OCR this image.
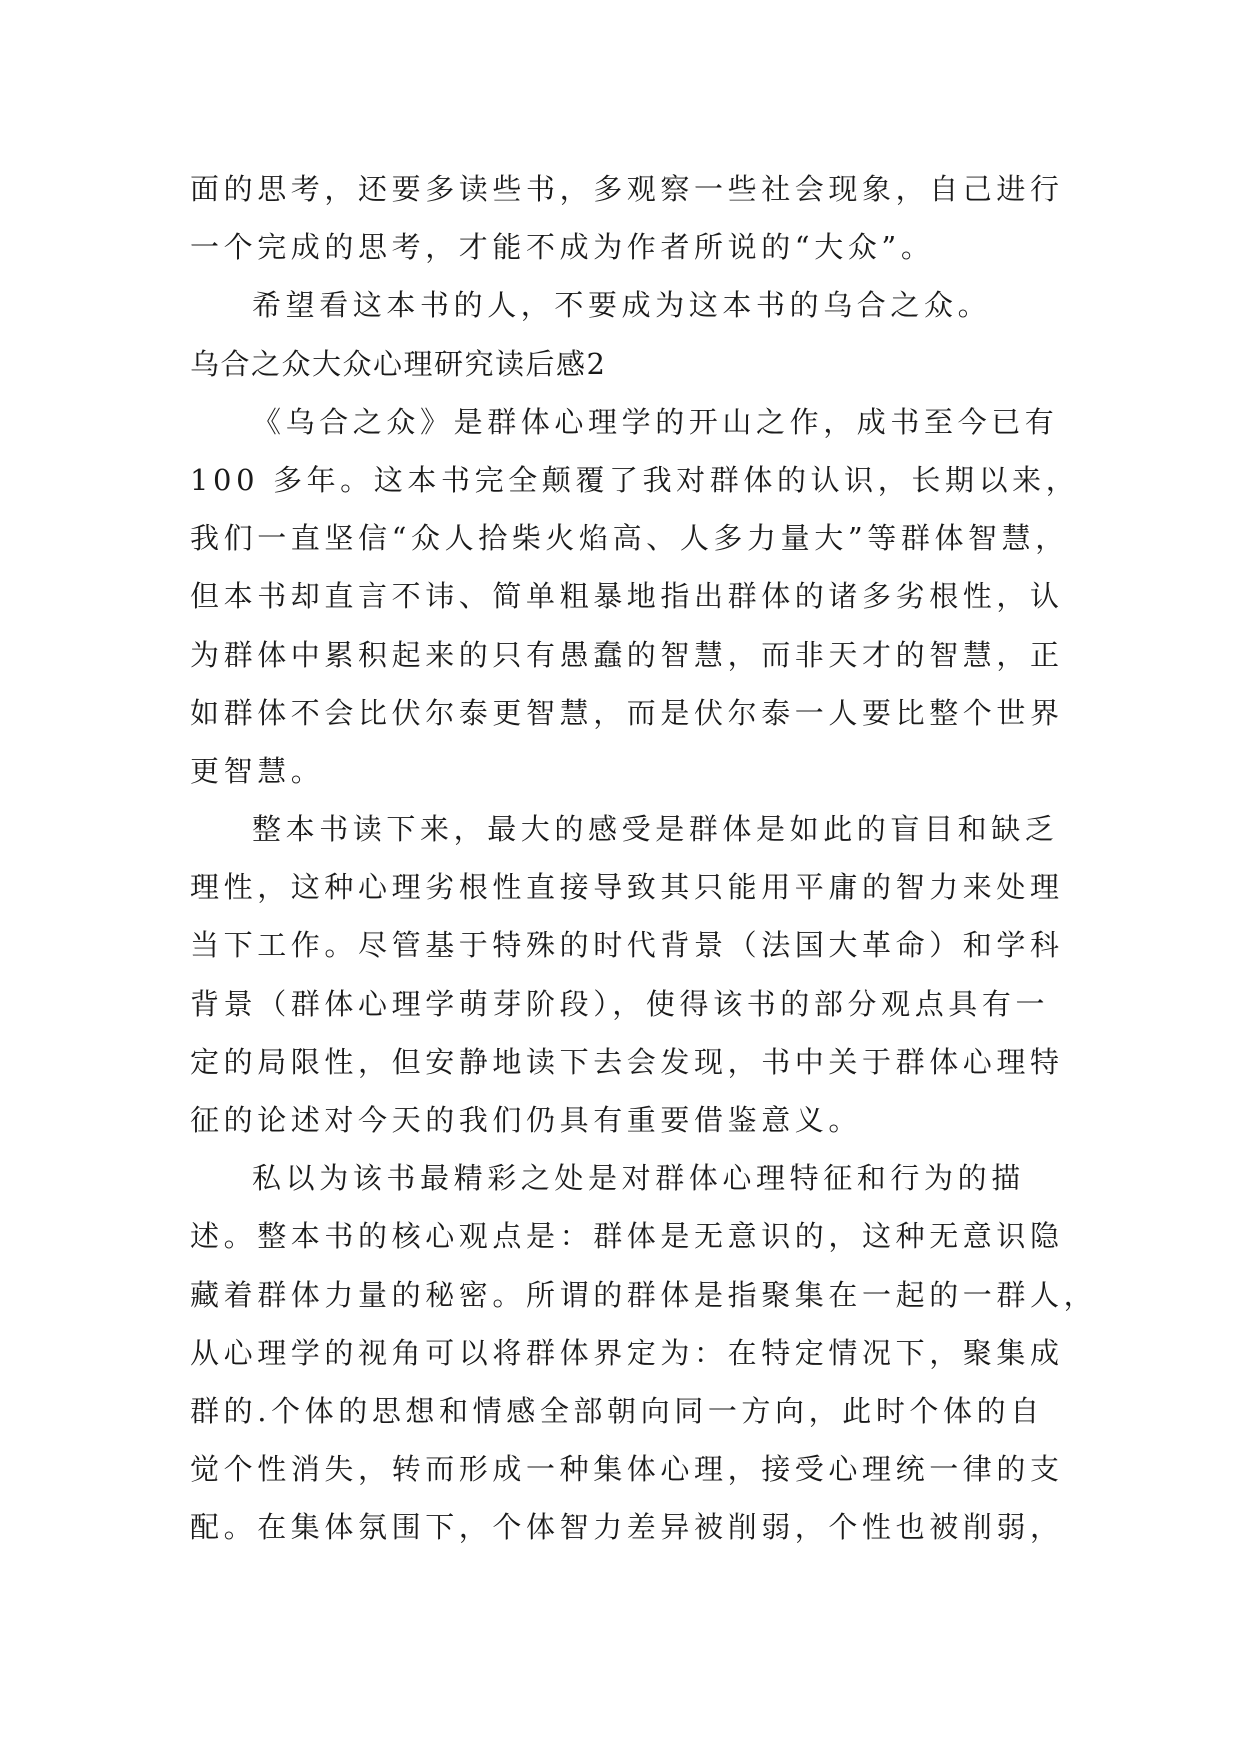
面的思考，还要多读些书，多观察一些社会现象，自己进行

一个完成的思考，才能不成为作者所说的“大众”。

希望看这本书的人，不要成为这本书的乌合之众。

乌合之众大众心理研究读后感2

《乌合之众》是群体心理学的开山之作，成书至今已有

100 多年。这本书完全颠覆了我对群体的认识，长期以来，

我们一直坚信“众人拾柴火焰高、人多力量大”等群体智慧，

但本书却直言不讳、简单粗暴地指出群体的诸多劣根性，认

为群体中累积起来的只有愚蠢的智慧，而非天才的智慧，正

如群体不会比伏尔泰更智慧，而是伏尔泰一人要比整个世界

更智慧。

整本书读下来，最大的感受是群体是如此的盲目和缺乏

理性，这种心理劣根性直接导致其只能用平庸的智力来处理

当下工作。尽管基于特殊的时代背景（法国大革命）和学科

背景（群体心理学萌芽阶段），使得该书的部分观点具有一

定的局限性，但安静地读下去会发现，书中关于群体心理特

征的论述对今天的我们仍具有重要借鉴意义。

私以为该书最精彩之处是对群体心理特征和行为的描

述。整本书的核心观点是：群体是无意识的，这种无意识隐

藏着群体力量的秘密。所谓的群体是指聚集在一起的一群人，

从心理学的视角可以将群体界定为：在特定情况下，聚集成

群的.个体的思想和情感全部朝向同一方向，此时个体的自

觉个性消失，转而形成一种集体心理，接受心理统一律的支

配。在集体氛围下，个体智力差异被削弱，个性也被削弱，
